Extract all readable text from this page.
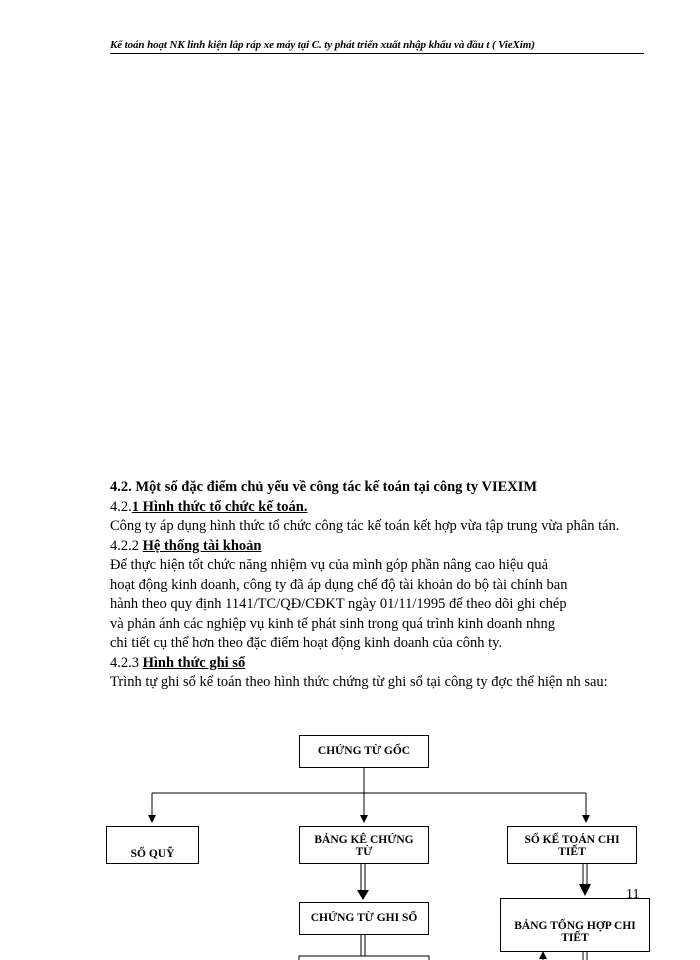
Kế toán hoạt NK linh kiện lắp ráp xe máy tại C. ty phát triển xuất nhập khẩu và đầu t ( VieXim)

4.2. Một số đặc điểm chủ yếu về công tác kế toán tại công ty VIEXIM

4.2.1 Hình thức tổ chức kế toán.

Công ty áp dụng hình thức tổ chức công tác kế toán kết hợp vừa tập trung vừa phân tán.

4.2.2 Hệ thống tài khoản

Để thực hiện tốt chức năng nhiệm vụ của mình góp phần nâng cao hiệu quả

hoạt động kinh doanh, công ty đã áp dụng chế độ tài khoản do bộ tài chính ban

hành theo quy định 1141/TC/QĐ/CĐKT ngày 01/11/1995 để theo dõi ghi chép

và phản ánh các nghiệp vụ kinh tế phát sinh trong quá trình kinh doanh nhng

chi tiết cụ thể hơn theo đặc điểm hoạt động kinh doanh của cônh ty.

4.2.3 Hình thức ghi sổ

Trình tự ghi sổ kế toán theo hình thức chứng từ ghi sổ tại công ty đợc thể hiện nh sau:

CHỨNG TỪ GỐC
SỔ QUỸ
BẢNG KÊ CHỨNG TỪ
SỔ KẾ TOÁN CHI TIẾT
CHỨNG TỪ GHI SỔ
BẢNG TỔNG HỢP CHI TIẾT
11
